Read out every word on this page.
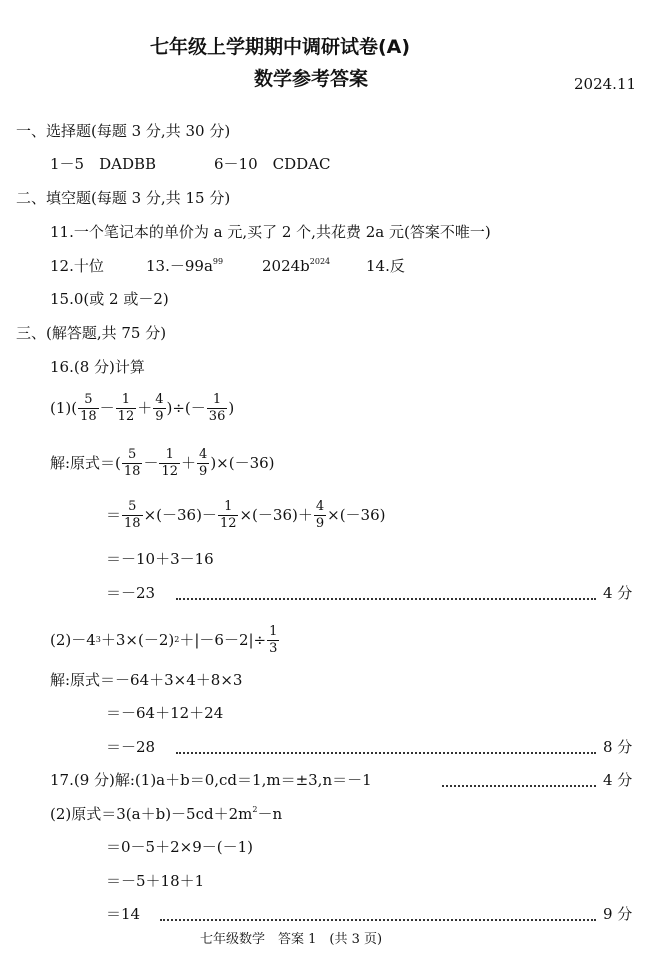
七年级上学期期中调研试卷(A)
数学参考答案	2024.11
一、选择题(每题 3 分,共 30 分)
1－5　DADBB	6－10　CDDAC
二、填空题(每题 3 分,共 15 分)
11.一个笔记本的单价为 a 元,买了 2 个,共花费 2a 元(答案不唯一)
12.十位	$13.-99a^{99}$	$2024b^{2024}$ 14.反
15.0(或 2 或－2)
三、(解答题,共 75 分)
16.(8 分)计算
$(1)( \frac{5}{18} - \frac{1}{12} + \frac{4}{9}$ )÷(－ $\frac{1}{36}$ )
解:原式＝( $\frac{5}{18} - \frac{1}{12} + \frac{4}{9} )\times(-36)$
＝ $\frac{5}{18} \times(-36)- \frac{1}{12} \times(-36)+ \frac{4}{9} \times(-36)$
＝－10＋3－16
＝－23	4 分
(2)－4 3 ＋3×(－2) $2 +|-6-2|\div \frac{1}{3}$
解:原式＝－64＋3×4＋8×3
＝－64＋12＋24
＝－28	8 分
17.(9 分)解:(1)a＋b＝0,cd＝1,m＝±3,n＝－1	4 分
(2)原式$=3(a+b)-5cd+2m^2-n$
＝0－5＋2×9－(－1)
＝－5＋18＋1
＝14	9 分
七年级数学　答案 1　(共 3 页)
